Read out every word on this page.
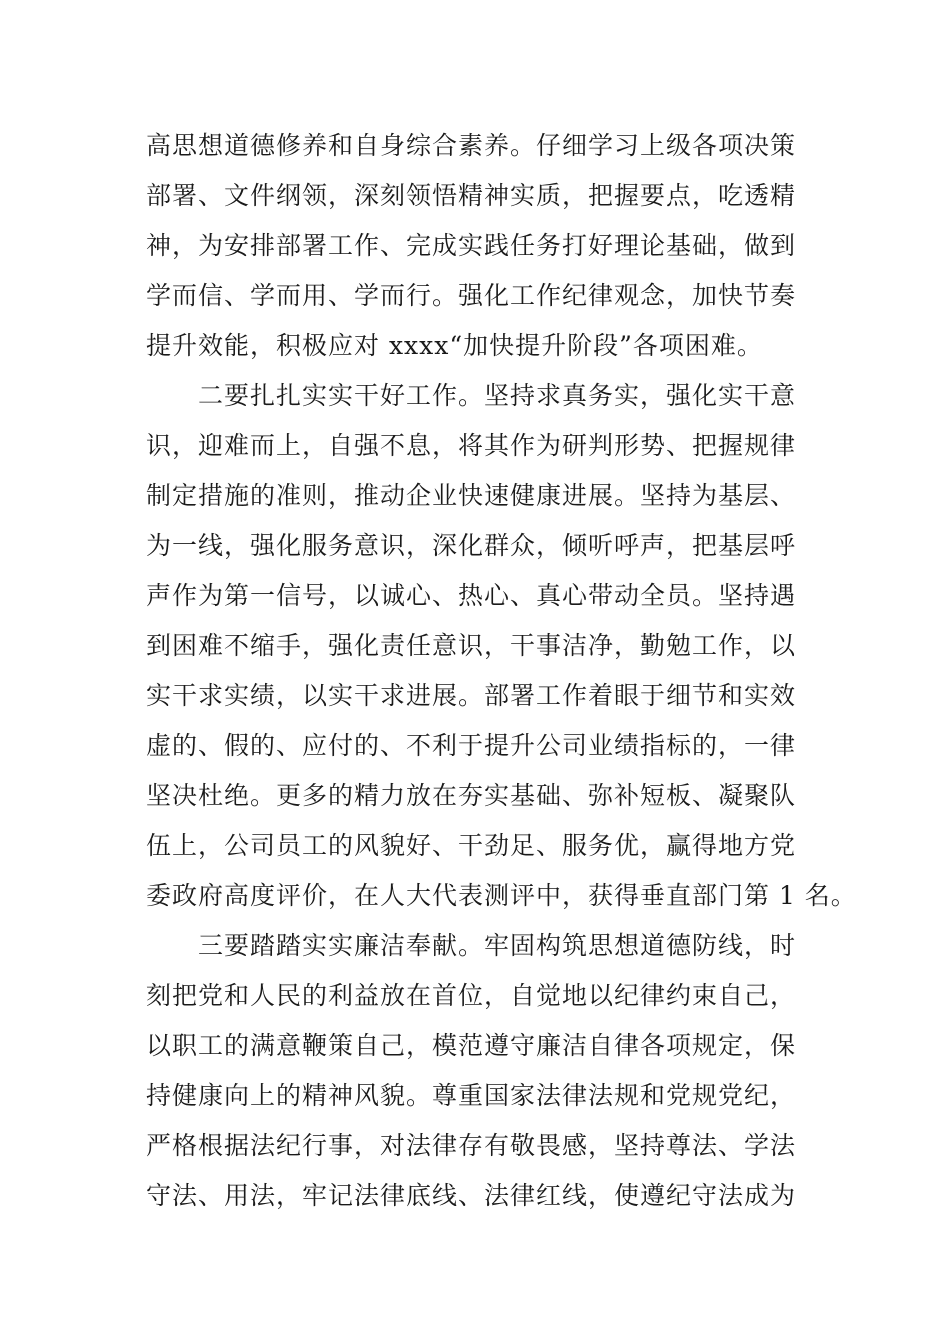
高思想道德修养和自身综合素养。仔细学习上级各项决策
部署、文件纲领，深刻领悟精神实质，把握要点，吃透精
神，为安排部署工作、完成实践任务打好理论基础，做到
学而信、学而用、学而行。强化工作纪律观念，加快节奏
提升效能，积极应对 xxxx“加快提升阶段”各项困难。
二要扎扎实实干好工作。坚持求真务实，强化实干意
识，迎难而上，自强不息，将其作为研判形势、把握规律
制定措施的准则，推动企业快速健康进展。坚持为基层、
为一线，强化服务意识，深化群众，倾听呼声，把基层呼
声作为第一信号，以诚心、热心、真心带动全员。坚持遇
到困难不缩手，强化责任意识，干事洁净，勤勉工作，以
实干求实绩，以实干求进展。部署工作着眼于细节和实效
虚的、假的、应付的、不利于提升公司业绩指标的，一律
坚决杜绝。更多的精力放在夯实基础、弥补短板、凝聚队
伍上，公司员工的风貌好、干劲足、服务优，赢得地方党
委政府高度评价，在人大代表测评中，获得垂直部门第 1 名。
三要踏踏实实廉洁奉献。牢固构筑思想道德防线，时
刻把党和人民的利益放在首位，自觉地以纪律约束自己，
以职工的满意鞭策自己，模范遵守廉洁自律各项规定，保
持健康向上的精神风貌。尊重国家法律法规和党规党纪，
严格根据法纪行事，对法律存有敬畏感，坚持尊法、学法
守法、用法，牢记法律底线、法律红线，使遵纪守法成为
